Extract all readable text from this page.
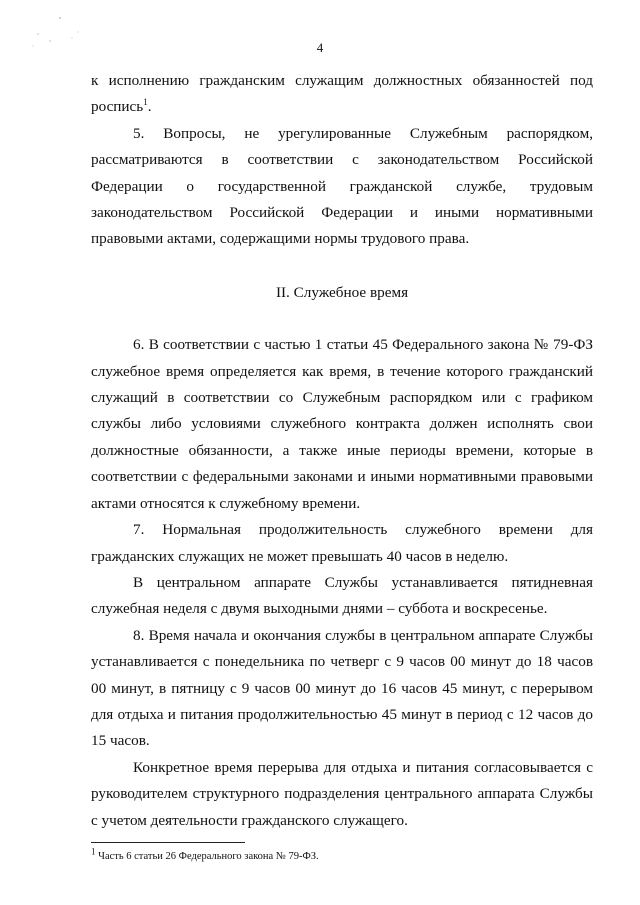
4

к исполнению гражданским служащим должностных обязанностей под роспись$^1$.

5. Вопросы, не урегулированные Служебным распорядком, рассматриваются в соответствии с законодательством Российской Федерации о государственной гражданской службе, трудовым законодательством Российской Федерации и иными нормативными правовыми актами, содержащими нормы трудового права.

II. Служебное время

6. В соответствии с частью 1 статьи 45 Федерального закона № 79-ФЗ служебное время определяется как время, в течение которого гражданский служащий в соответствии со Служебным распорядком или с графиком службы либо условиями служебного контракта должен исполнять свои должностные обязанности, а также иные периоды времени, которые в соответствии с федеральными законами и иными нормативными правовыми актами относятся к служебному времени.

7. Нормальная продолжительность служебного времени для гражданских служащих не может превышать 40 часов в неделю.

В центральном аппарате Службы устанавливается пятидневная служебная неделя с двумя выходными днями – суббота и воскресенье.

8. Время начала и окончания службы в центральном аппарате Службы устанавливается с понедельника по четверг с 9 часов 00 минут до 18 часов 00 минут, в пятницу с 9 часов 00 минут до 16 часов 45 минут, с перерывом для отдыха и питания продолжительностью 45 минут в период с 12 часов до 15 часов.

Конкретное время перерыва для отдыха и питания согласовывается с руководителем структурного подразделения центрального аппарата Службы с учетом деятельности гражданского служащего.

$^1$ Часть 6 статьи 26 Федерального закона № 79-ФЗ.
